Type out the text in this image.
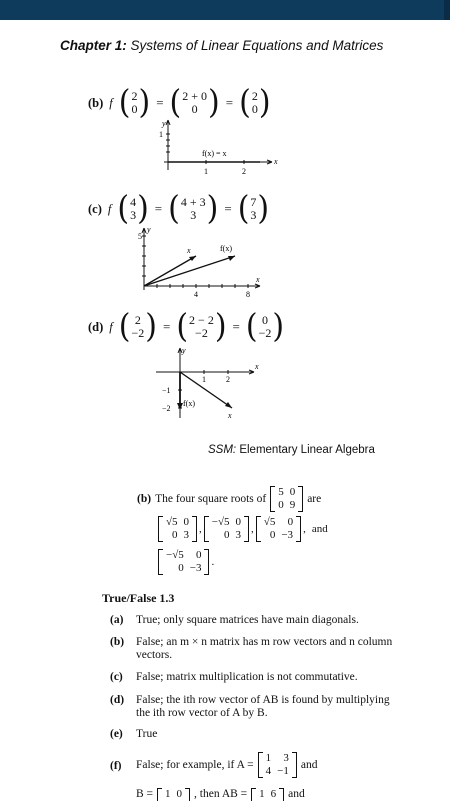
Chapter 1: Systems of Linear Equations and Matrices
(b) f ( 2
0 ) = ( 2 + 0
0 ) = ( 2
0 )
y
1
x
1	2
f(x) = x
(c) f ( 4
3 ) = ( 4 + 3
3 ) = ( 7
3 )
5
y
x
4	8
x	f(x)
(d) f ( 2
−2 ) = ( 2 − 2
−2 ) = ( 0
−2 )
y
x
1	2
−1
−2
f(x)
x
SSM: Elementary Linear Algebra
(b) The four square roots of
5	0
0	9 are
√5	0
0	3 ,
−√5	0
0	3 ,
√5	0
0	−3 , and
−√5	0
0	−3 .
True/False 1.3
(a) True; only square matrices have main diagonals.
(b) False; an m × n matrix has m row vectors and n column vectors.
(c) False; matrix multiplication is not commutative.
(d) False; the ith row vector of AB is found by multiplying the ith row vector of A by B.
(e) True
(f) False; for example, if A =
1	3
4	−1
and
B = 1	0 , then AB = 1	6 and
